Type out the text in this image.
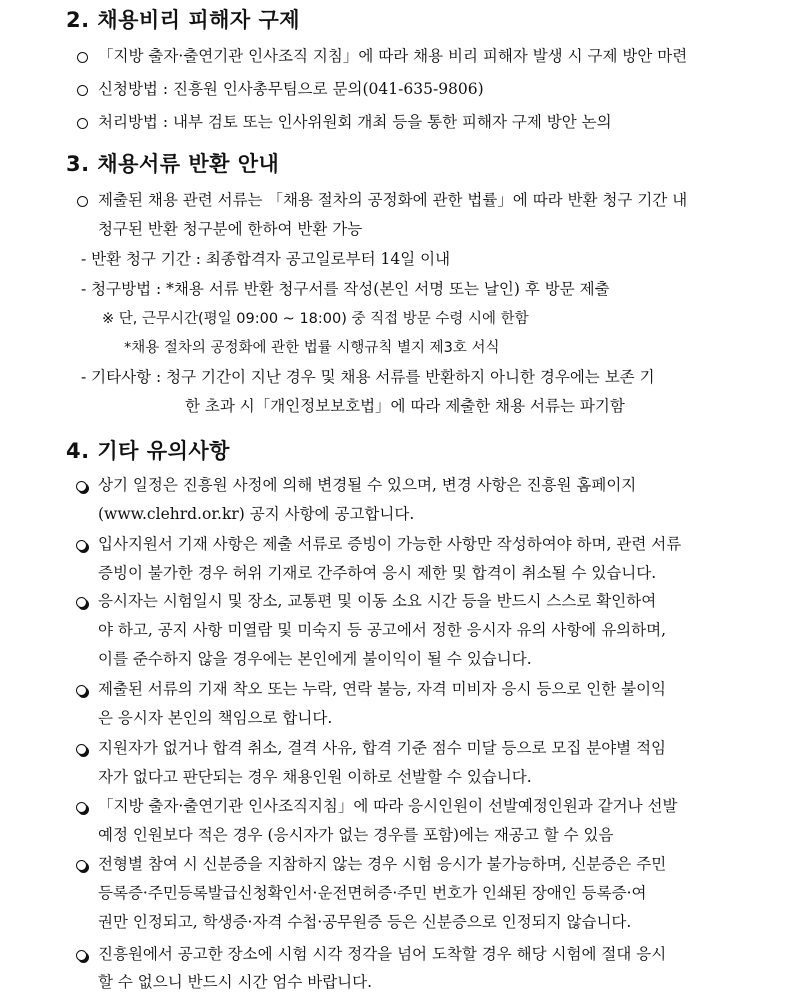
2. 채용비리 피해자 구제
「지방 출자·출연기관 인사조직 지침」에 따라 채용 비리 피해자 발생 시 구제 방안 마련
신청방법 : 진흥원 인사총무팀으로 문의(041-635-9806)
처리방법 : 내부 검토 또는 인사위원회 개최 등을 통한 피해자 구제 방안 논의
3. 채용서류 반환 안내
제출된 채용 관련 서류는 「채용 절차의 공정화에 관한 법률」에 따라 반환 청구 기간 내
청구된 반환 청구분에 한하여 반환 가능
- 반환 청구 기간 : 최종합격자 공고일로부터 14일 이내
- 청구방법 : *채용 서류 반환 청구서를 작성(본인 서명 또는 날인) 후 방문 제출
※ 단, 근무시간(평일 09:00 ~ 18:00) 중 직접 방문 수령 시에 한함
*채용 절차의 공정화에 관한 법률 시행규칙 별지 제3호 서식
- 기타사항 : 청구 기간이 지난 경우 및 채용 서류를 반환하지 아니한 경우에는 보존 기
한 초과 시「개인정보보호법」에 따라 제출한 채용 서류는 파기함
4. 기타 유의사항
상기 일정은 진흥원 사정에 의해 변경될 수 있으며, 변경 사항은 진흥원 홈페이지
(www.clehrd.or.kr) 공지 사항에 공고합니다.
입사지원서 기재 사항은 제출 서류로 증빙이 가능한 사항만 작성하여야 하며, 관련 서류
증빙이 불가한 경우 허위 기재로 간주하여 응시 제한 및 합격이 취소될 수 있습니다.
응시자는 시험일시 및 장소, 교통편 및 이동 소요 시간 등을 반드시 스스로 확인하여
야 하고, 공지 사항 미열람 및 미숙지 등 공고에서 정한 응시자 유의 사항에 유의하며,
이를 준수하지 않을 경우에는 본인에게 불이익이 될 수 있습니다.
제출된 서류의 기재 착오 또는 누락, 연락 불능, 자격 미비자 응시 등으로 인한 불이익
은 응시자 본인의 책임으로 합니다.
지원자가 없거나 합격 취소, 결격 사유, 합격 기준 점수 미달 등으로 모집 분야별 적임
자가 없다고 판단되는 경우 채용인원 이하로 선발할 수 있습니다.
「지방 출자·출연기관 인사조직지침」에 따라 응시인원이 선발예정인원과 같거나 선발
예정 인원보다 적은 경우 (응시자가 없는 경우를 포함)에는 재공고 할 수 있음
전형별 참여 시 신분증을 지참하지 않는 경우 시험 응시가 불가능하며, 신분증은 주민
등록증·주민등록발급신청확인서·운전면허증·주민 번호가 인쇄된 장애인 등록증·여
권만 인정되고, 학생증·자격 수첩·공무원증 등은 신분증으로 인정되지 않습니다.
진흥원에서 공고한 장소에 시험 시각 정각을 넘어 도착할 경우 해당 시험에 절대 응시
할 수 없으니 반드시 시간 엄수 바랍니다.
